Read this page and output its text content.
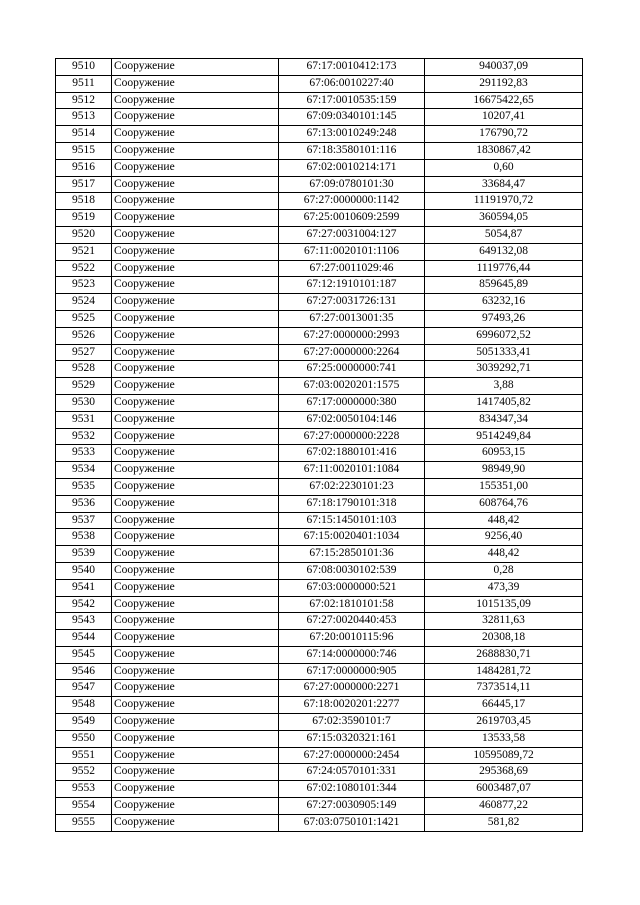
9510	Сооружение	67:17:0010412:173	940037,09
9511	Сооружение	67:06:0010227:40	291192,83
9512	Сооружение	67:17:0010535:159	16675422,65
9513	Сооружение	67:09:0340101:145	10207,41
9514	Сооружение	67:13:0010249:248	176790,72
9515	Сооружение	67:18:3580101:116	1830867,42
9516	Сооружение	67:02:0010214:171	0,60
9517	Сооружение	67:09:0780101:30	33684,47
9518	Сооружение	67:27:0000000:1142	11191970,72
9519	Сооружение	67:25:0010609:2599	360594,05
9520	Сооружение	67:27:0031004:127	5054,87
9521	Сооружение	67:11:0020101:1106	649132,08
9522	Сооружение	67:27:0011029:46	1119776,44
9523	Сооружение	67:12:1910101:187	859645,89
9524	Сооружение	67:27:0031726:131	63232,16
9525	Сооружение	67:27:0013001:35	97493,26
9526	Сооружение	67:27:0000000:2993	6996072,52
9527	Сооружение	67:27:0000000:2264	5051333,41
9528	Сооружение	67:25:0000000:741	3039292,71
9529	Сооружение	67:03:0020201:1575	3,88
9530	Сооружение	67:17:0000000:380	1417405,82
9531	Сооружение	67:02:0050104:146	834347,34
9532	Сооружение	67:27:0000000:2228	9514249,84
9533	Сооружение	67:02:1880101:416	60953,15
9534	Сооружение	67:11:0020101:1084	98949,90
9535	Сооружение	67:02:2230101:23	155351,00
9536	Сооружение	67:18:1790101:318	608764,76
9537	Сооружение	67:15:1450101:103	448,42
9538	Сооружение	67:15:0020401:1034	9256,40
9539	Сооружение	67:15:2850101:36	448,42
9540	Сооружение	67:08:0030102:539	0,28
9541	Сооружение	67:03:0000000:521	473,39
9542	Сооружение	67:02:1810101:58	1015135,09
9543	Сооружение	67:27:0020440:453	32811,63
9544	Сооружение	67:20:0010115:96	20308,18
9545	Сооружение	67:14:0000000:746	2688830,71
9546	Сооружение	67:17:0000000:905	1484281,72
9547	Сооружение	67:27:0000000:2271	7373514,11
9548	Сооружение	67:18:0020201:2277	66445,17
9549	Сооружение	67:02:3590101:7	2619703,45
9550	Сооружение	67:15:0320321:161	13533,58
9551	Сооружение	67:27:0000000:2454	10595089,72
9552	Сооружение	67:24:0570101:331	295368,69
9553	Сооружение	67:02:1080101:344	6003487,07
9554	Сооружение	67:27:0030905:149	460877,22
9555	Сооружение	67:03:0750101:1421	581,82
